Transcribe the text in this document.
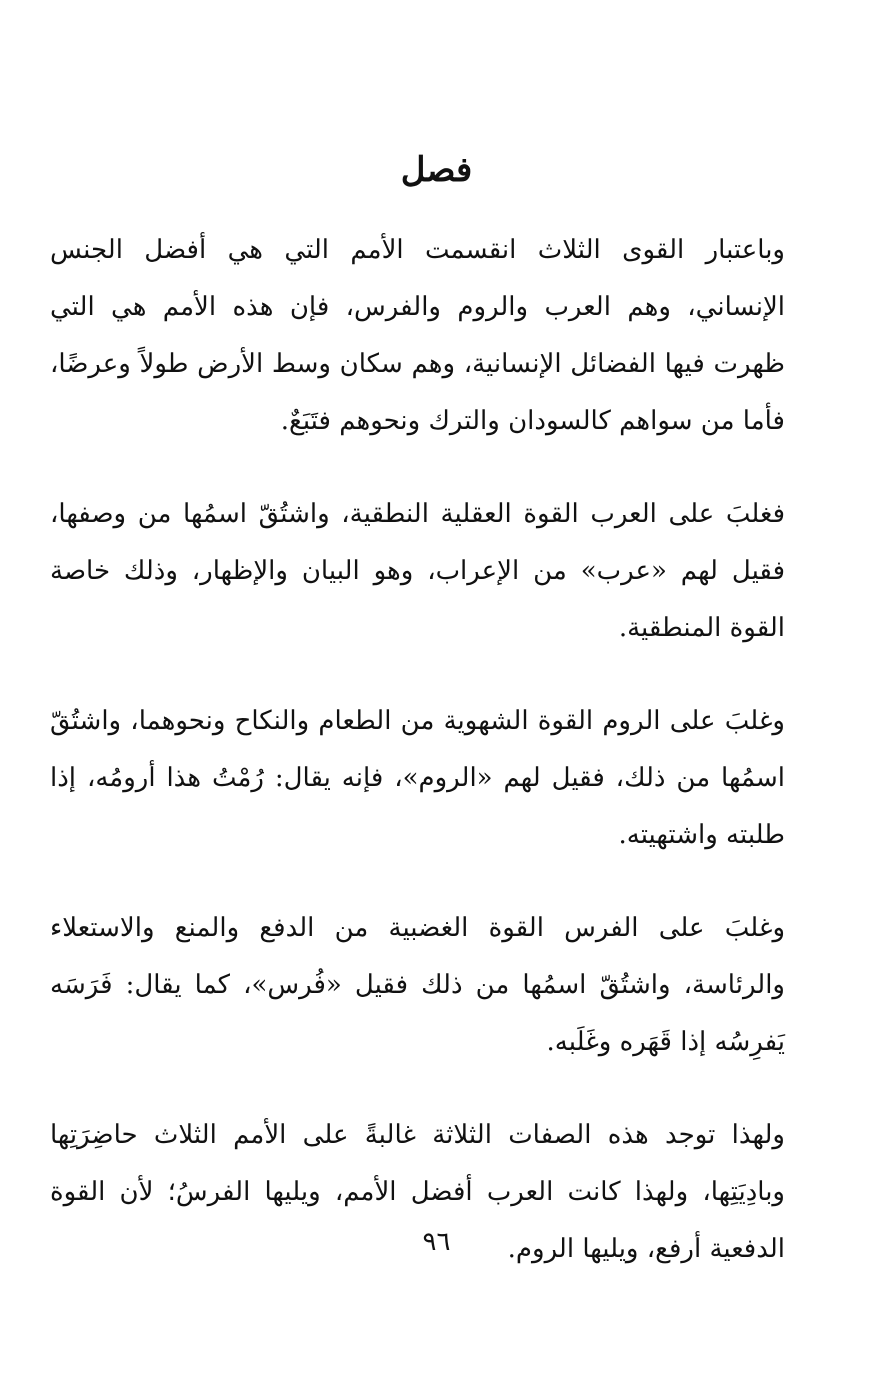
فصل

وباعتبار القوى الثلاث انقسمت الأمم التي هي أفضل الجنس الإنساني، وهم العرب والروم والفرس، فإن هذه الأمم هي التي ظهرت فيها الفضائل الإنسانية، وهم سكان وسط الأرض طولاً وعرضًا، فأما من سواهم كالسودان والترك ونحوهم فتَبَعٌ.

فغلبَ على العرب القوة العقلية النطقية، واشتُقّ اسمُها من وصفها، فقيل لهم «عرب» من الإعراب، وهو البيان والإظهار، وذلك خاصة القوة المنطقية.

وغلبَ على الروم القوة الشهوية من الطعام والنكاح ونحوهما، واشتُقّ اسمُها من ذلك، فقيل لهم «الروم»، فإنه يقال: رُمْتُ هذا أرومُه، إذا طلبته واشتهيته.

وغلبَ على الفرس القوة الغضبية من الدفع والمنع والاستعلاء والرئاسة، واشتُقّ اسمُها من ذلك فقيل «فُرس»، كما يقال: فَرَسَه يَفرِسُه إذا قَهَره وغَلَبه.

ولهذا توجد هذه الصفات الثلاثة غالبةً على الأمم الثلاث حاضِرَتِها وبادِيَتِها، ولهذا كانت العرب أفضل الأمم، ويليها الفرسُ؛ لأن القوة الدفعية أرفع، ويليها الروم.

٩٦
